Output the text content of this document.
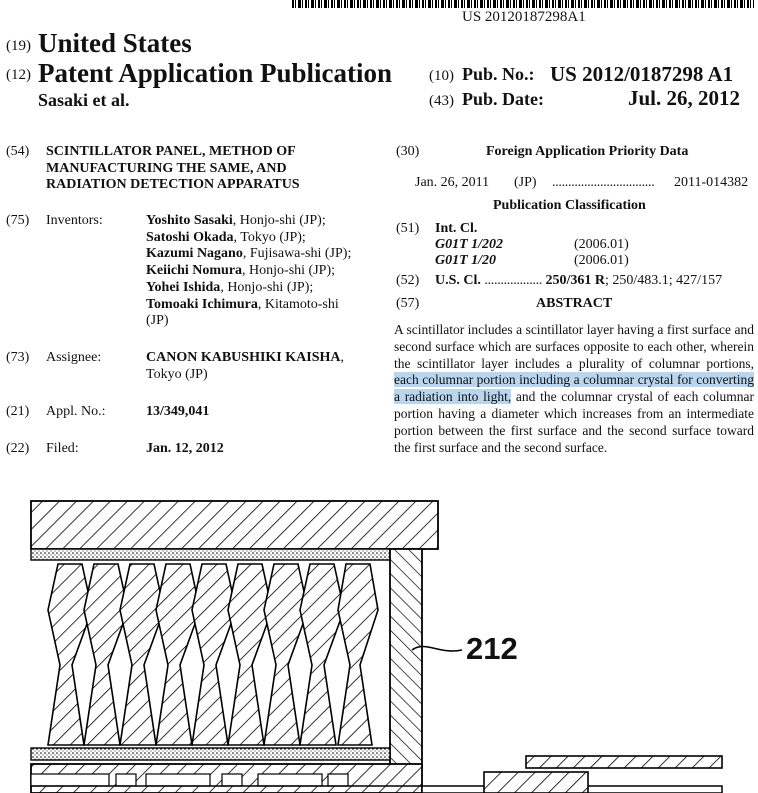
US 20120187298A1
(19) United States
(12) Patent Application Publication
Sasaki et al.
(10) Pub. No.: US 2012/0187298 A1
(43) Pub. Date:	Jul. 26, 2012
(54) SCINTILLATOR PANEL, METHOD OF
MANUFACTURING THE SAME, AND
RADIATION DETECTION APPARATUS
(75) Inventors:	Yoshito Sasaki, Honjo-shi (JP);
Satoshi Okada, Tokyo (JP);
Kazumi Nagano, Fujisawa-shi (JP);
Keiichi Nomura, Honjo-shi (JP);
Yohei Ishida, Honjo-shi (JP);
Tomoaki Ichimura, Kitamoto-shi
(JP)
(73) Assignee:	CANON KABUSHIKI KAISHA,
Tokyo (JP)
(21) Appl. No.:	13/349,041
(22) Filed:	Jan. 12, 2012
(30)	Foreign Application Priority Data
Jan. 26, 2011 (JP) ................................ 2011-014382
Publication Classification
(51) Int. Cl.
G01T 1/202	(2006.01)
G01T 1/20	(2006.01)
(52) U.S. Cl. .................. 250/361 R; 250/483.1; 427/157
(57)	ABSTRACT
A scintillator includes a scintillator layer having a first surface and second surface which are surfaces opposite to each other, wherein the scintillator layer includes a plurality of columnar portions, each columnar portion including a columnar crystal for converting a radiation into light, and the columnar crystal of each columnar portion having a diameter which increases from an intermediate portion between the first surface and the second surface toward the first surface and the second surface.
212
